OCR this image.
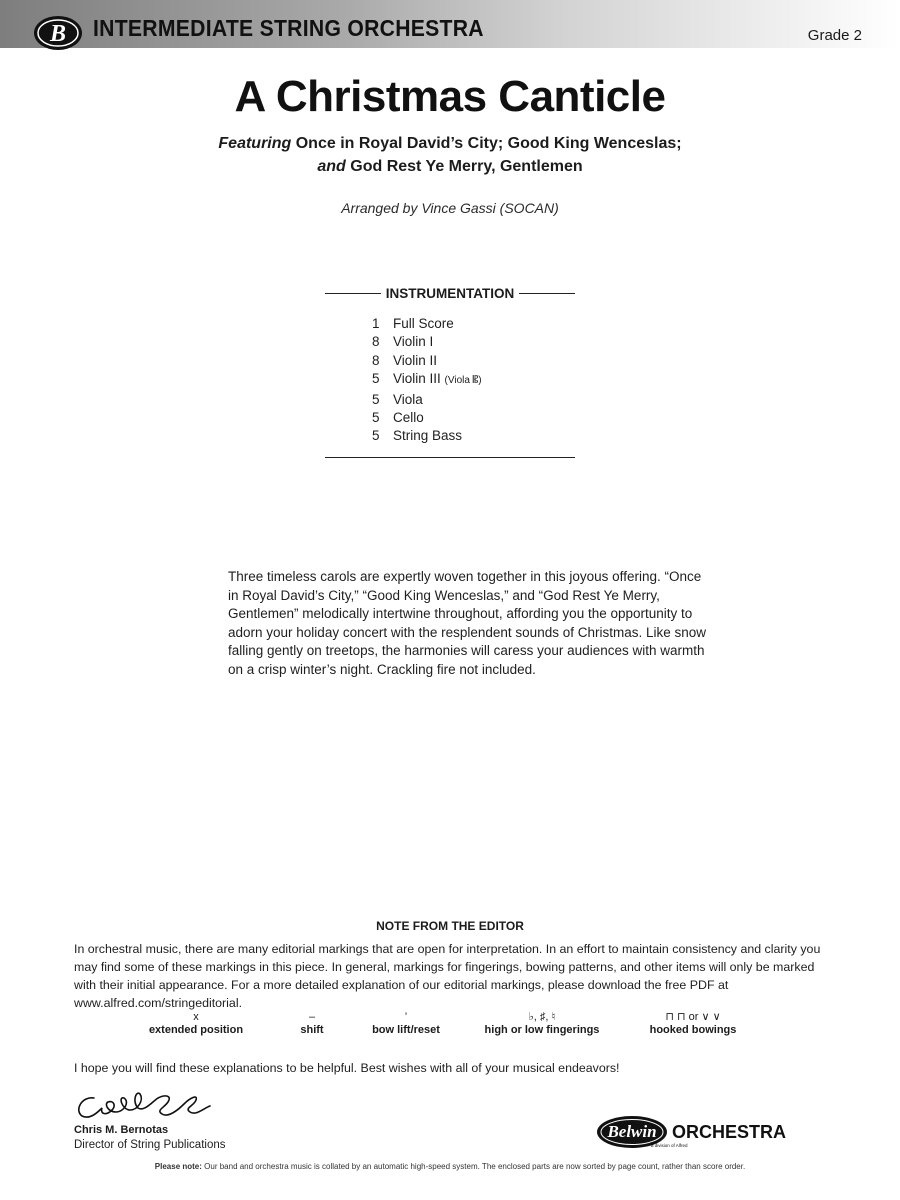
B INTERMEDIATE STRING ORCHESTRA	Grade 2
A Christmas Canticle
Featuring Once in Royal David’s City; Good King Wenceslas;
and God Rest Ye Merry, Gentlemen
Arranged by Vince Gassi (SOCAN)
INSTRUMENTATION
1 Full Score
8 Violin I
8 Violin II
5 Violin III (Viola 𝄡)
5 Viola
5 Cello
5 String Bass
Three timeless carols are expertly woven together in this joyous offering. “Once in Royal David’s City,” “Good King Wenceslas,” and “God Rest Ye Merry, Gentlemen” melodically intertwine throughout, affording you the opportunity to adorn your holiday concert with the resplendent sounds of Christmas. Like snow falling gently on treetops, the harmonies will caress your audiences with warmth on a crisp winter’s night. Crackling fire not included.
NOTE FROM THE EDITOR
In orchestral music, there are many editorial markings that are open for interpretation. In an effort to maintain consistency and clarity you may find some of these markings in this piece. In general, markings for fingerings, bowing patterns, and other items will only be marked with their initial appearance. For a more detailed explanation of our editorial markings, please download the free PDF at www.alfred.com/stringeditorial.
x
extended position
–
shift
’
bow lift/reset
♭, ♯, ♮
high or low fingerings
⊓ ⊓ or ∨ ∨
hooked bowings
I hope you will find these explanations to be helpful. Best wishes with all of your musical endeavors!
Chris M. Bernotas
Director of String Publications
Belwin
a division of Alfred
ORCHESTRA
Please note: Our band and orchestra music is collated by an automatic high-speed system. The enclosed parts are now sorted by page count, rather than score order.
